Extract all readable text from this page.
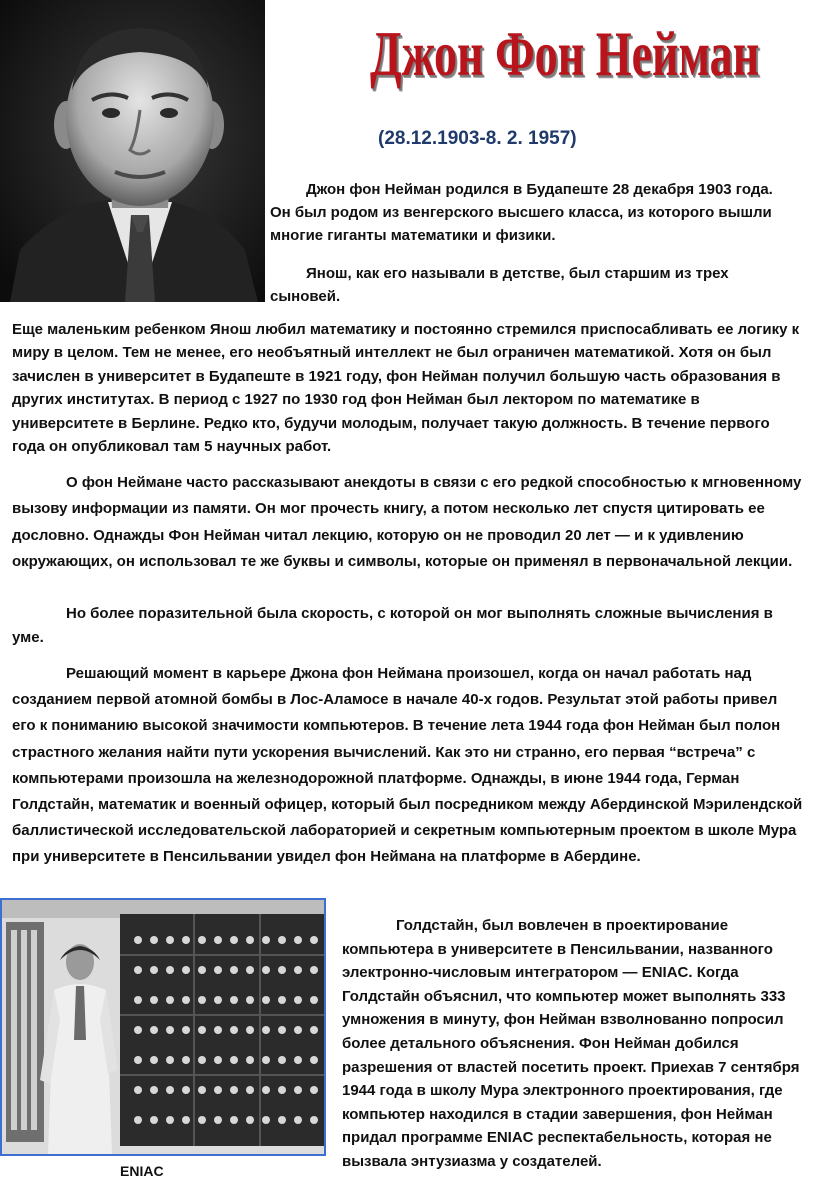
Джон Фон Нейман
(28.12.1903-8. 2. 1957)

Джон фон Нейман родился в Будапеште 28 декабря 1903 года. Он был родом из венгерского высшего класса, из которого вышли многие гиганты математики и физики.

Янош, как его называли в детстве, был старшим из трех сыновей.

Еще маленьким ребенком Янош любил математику и постоянно стремился приспосабливать ее логику к миру в целом. Тем не менее, его необъятный интеллект не был ограничен математикой. Хотя он был зачислен в университет в Будапеште в 1921 году, фон Нейман получил большую часть образования в других институтах. В период с 1927 по 1930 год фон Нейман был лектором по математике в университете в Берлине. Редко кто, будучи молодым, получает такую должность. В течение первого года он опубликовал там 5 научных работ.

О фон Неймане часто рассказывают анекдоты в связи с его редкой способностью к мгновенному вызову информации из памяти. Он мог прочесть книгу, а потом несколько лет спустя цитировать ее дословно. Однажды Фон Нейман читал лекцию, которую он не проводил 20 лет — и к удивлению окружающих, он использовал те же буквы и символы, которые он применял в первоначальной лекции.

Но более поразительной была скорость, с которой он мог выполнять сложные вычисления в уме.

Решающий момент в карьере Джона фон Неймана произошел, когда он начал работать над созданием первой атомной бомбы в Лос-Аламосе в начале 40-х годов. Результат этой работы привел его к пониманию высокой значимости компьютеров. В течение лета 1944 года фон Нейман был полон страстного желания найти пути ускорения вычислений. Как это ни странно, его первая “встреча” с компьютерами произошла на железнодорожной платформе. Однажды, в июне 1944 года, Герман Голдстайн, математик и военный офицер, который был посредником между Абердинской Мэрилендской баллистической исследовательской лабораторией и секретным компьютерным проектом в школе Мура при университете в Пенсильвании увидел фон Неймана на платформе в Абердине.

Голдстайн, был вовлечен в проектирование компьютера в университете в Пенсильвании, названного электронно-числовым интегратором — ENIAC. Когда Голдстайн объяснил, что компьютер может выполнять 333 умножения в минуту, фон Нейман взволнованно попросил более детального объяснения. Фон Нейман добился разрешения от властей посетить проект. Приехав 7 сентября 1944 года в школу Мура электронного проектирования, где компьютер находился в стадии завершения, фон Нейман придал программе ENIAC респектабельность, которая не вызвала энтузиазма у создателей.

ENIAC
